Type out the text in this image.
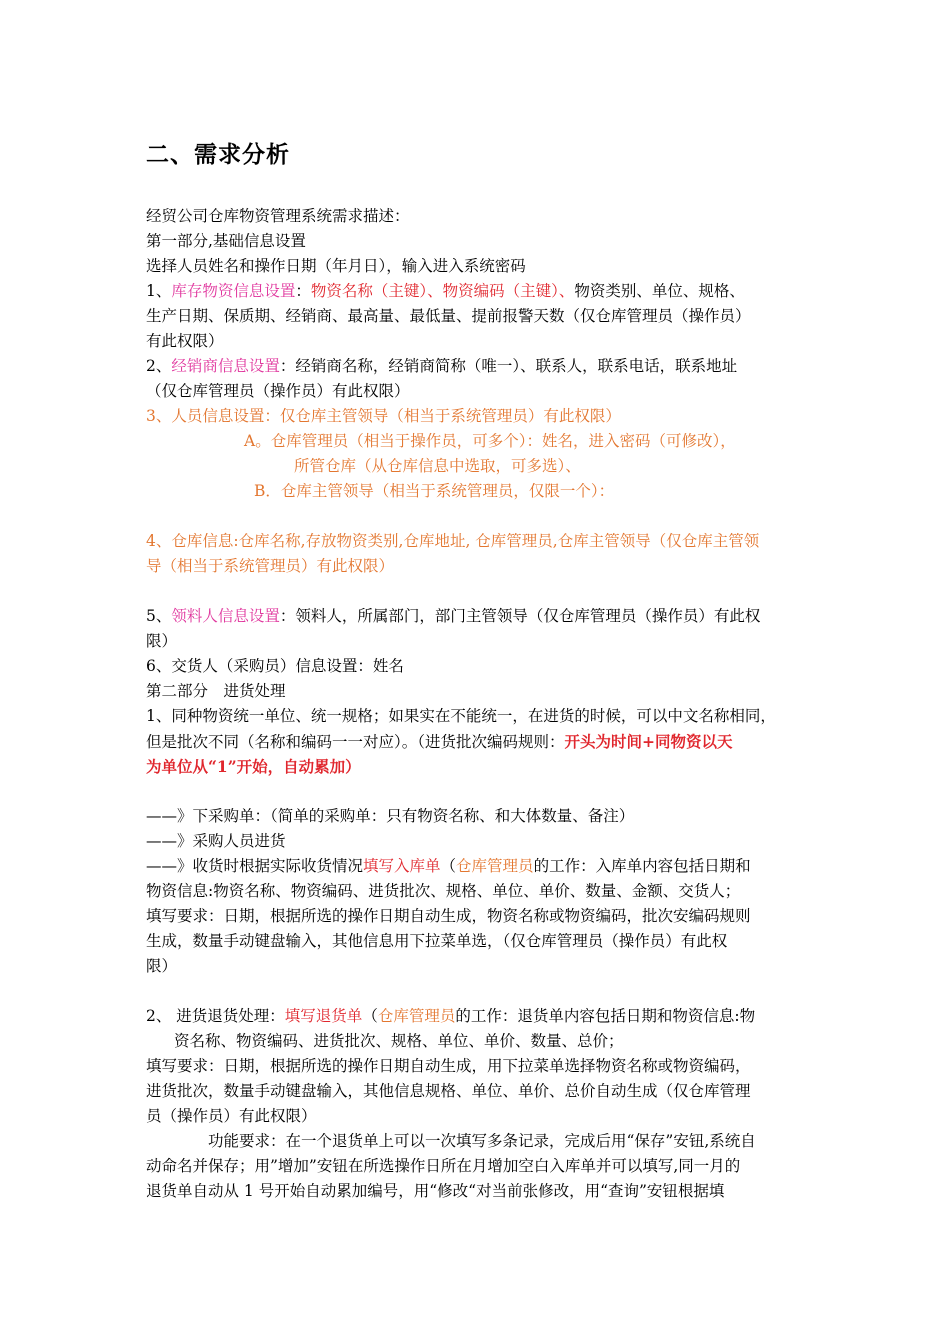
二、需求分析
经贸公司仓库物资管理系统需求描述：
第一部分,基础信息设置
选择人员姓名和操作日期（年月日），输入进入系统密码
1、库存物资信息设置：物资名称（主键）、物资编码（主键）、物资类别、单位、规格、
生产日期、保质期、经销商、最高量、最低量、提前报警天数（仅仓库管理员（操作员）
有此权限）
2、经销商信息设置：经销商名称，经销商简称（唯一）、联系人，联系电话，联系地址
（仅仓库管理员（操作员）有此权限）
3、人员信息设置：仅仓库主管领导（相当于系统管理员）有此权限）
A。仓库管理员（相当于操作员，可多个）：姓名，进入密码（可修改），
所管仓库（从仓库信息中选取，可多选）、
B．仓库主管领导（相当于系统管理员，仅限一个）：
4、仓库信息:仓库名称,存放物资类别,仓库地址, 仓库管理员,仓库主管领导（仅仓库主管领
导（相当于系统管理员）有此权限）
5、领料人信息设置：领料人，所属部门，部门主管领导（仅仓库管理员（操作员）有此权
限）
6、交货人（采购员）信息设置：姓名
第二部分　进货处理
1、同种物资统一单位、统一规格；如果实在不能统一，在进货的时候，可以中文名称相同，
但是批次不同（名称和编码一一对应）。（进货批次编码规则：开头为时间+同物资以天
为单位从“1”开始，自动累加）
——》下采购单：（简单的采购单：只有物资名称、和大体数量、备注）
——》采购人员进货
——》收货时根据实际收货情况填写入库单（仓库管理员的工作：入库单内容包括日期和
物资信息:物资名称、物资编码、进货批次、规格、单位、单价、数量、金额、交货人；
填写要求：日期，根据所选的操作日期自动生成，物资名称或物资编码，批次安编码规则
生成，数量手动键盘输入，其他信息用下拉菜单选，（仅仓库管理员（操作员）有此权
限）
2、 进货退货处理：填写退货单（仓库管理员的工作：退货单内容包括日期和物资信息:物
资名称、物资编码、进货批次、规格、单位、单价、数量、总价；
填写要求：日期，根据所选的操作日期自动生成，用下拉菜单选择物资名称或物资编码，
进货批次，数量手动键盘输入，其他信息规格、单位、单价、总价自动生成（仅仓库管理
员（操作员）有此权限）
功能要求：在一个退货单上可以一次填写多条记录，完成后用“保存”安钮,系统自
动命名并保存；用”增加”安钮在所选操作日所在月增加空白入库单并可以填写,同一月的
退货单自动从 1 号开始自动累加编号，用“修改“对当前张修改，用“查询”安钮根据填
